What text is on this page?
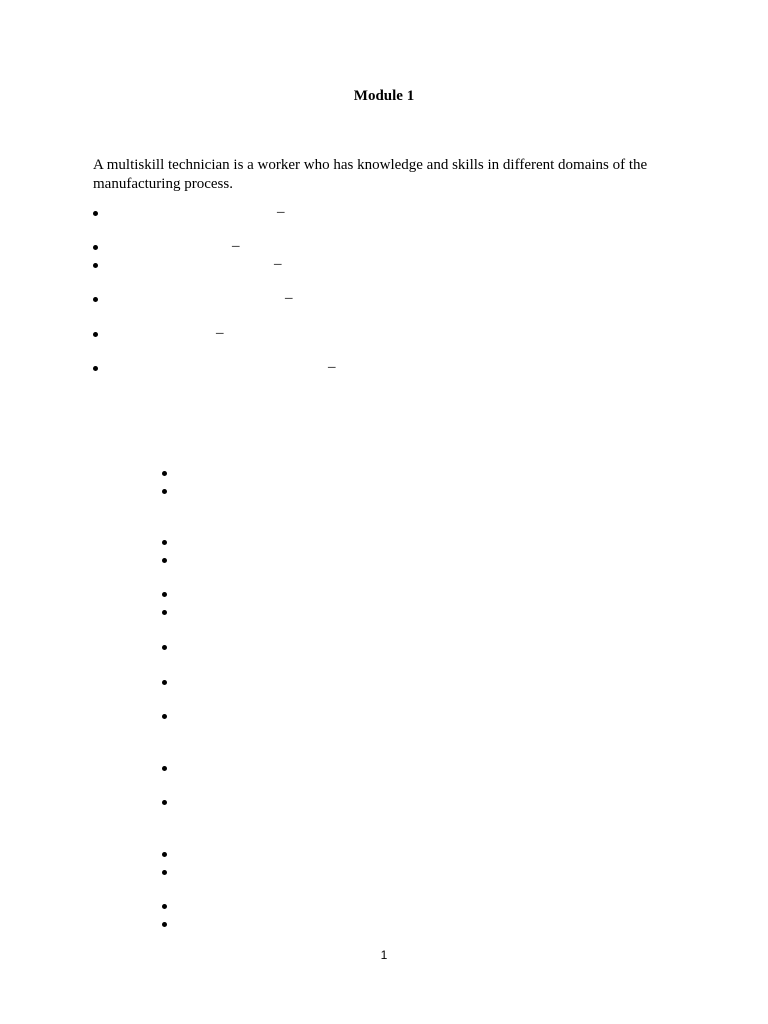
Module 1
A multiskill technician is a worker who has knowledge and skills in different domains of the manufacturing process.
–
–
–
–
–
–
1
